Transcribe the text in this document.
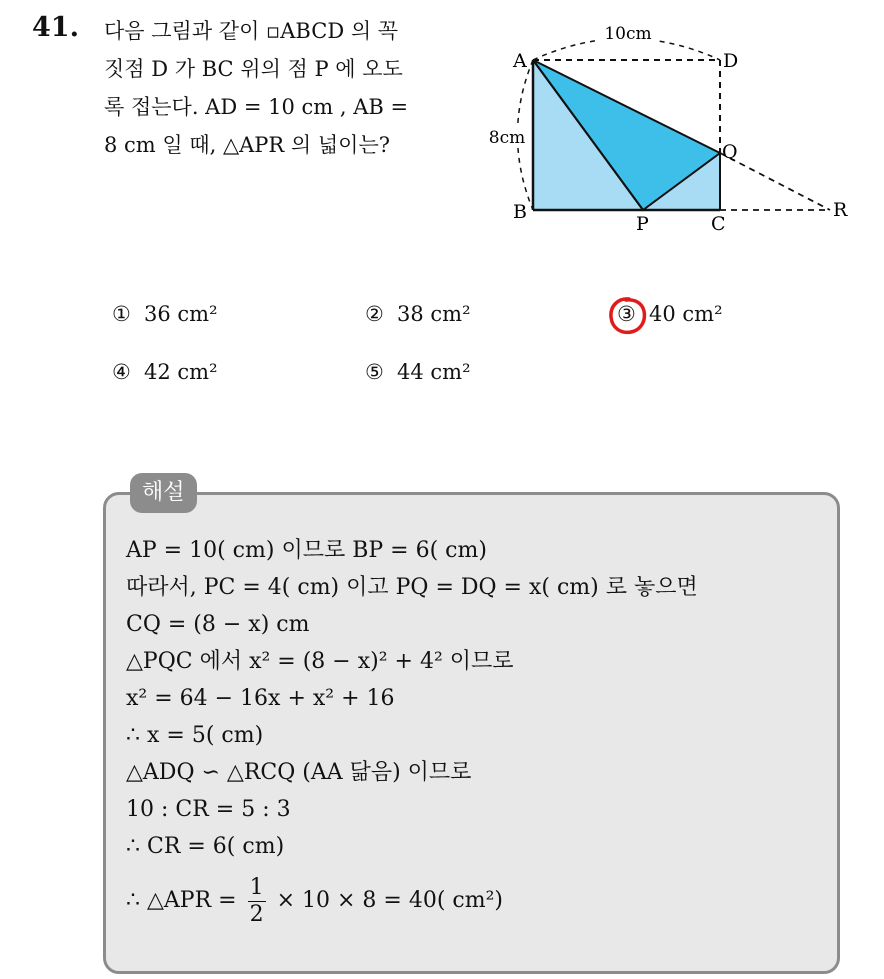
41. 다음 그림과 같이 ▫ABCD 의 꼭
짓점 D 가 BC 위의 점 P 에 오도
록 접는다. AD = 10 cm , AB =
8 cm 일 때, △APR 의 넓이는?
10cm
8cm
A	D
B
P	C
Q
R
① 36 cm²	② 38 cm²	③ 40 cm²
④ 42 cm²	⑤ 44 cm²
해설
AP = 10( cm) 이므로 BP = 6( cm)
따라서, PC = 4( cm) 이고 PQ = DQ = x( cm) 로 놓으면
CQ = (8 − x) cm
△PQC 에서 x² = (8 − x)² + 4² 이므로
x² = 64 − 16x + x² + 16
∴ x = 5( cm)
△ADQ ∽ △RCQ (AA 닮음) 이므로
10 : CR = 5 : 3
∴ CR = 6( cm)
∴ △APR = $\frac{1}{2} \times 10 \times 8 = 40$( cm²)
